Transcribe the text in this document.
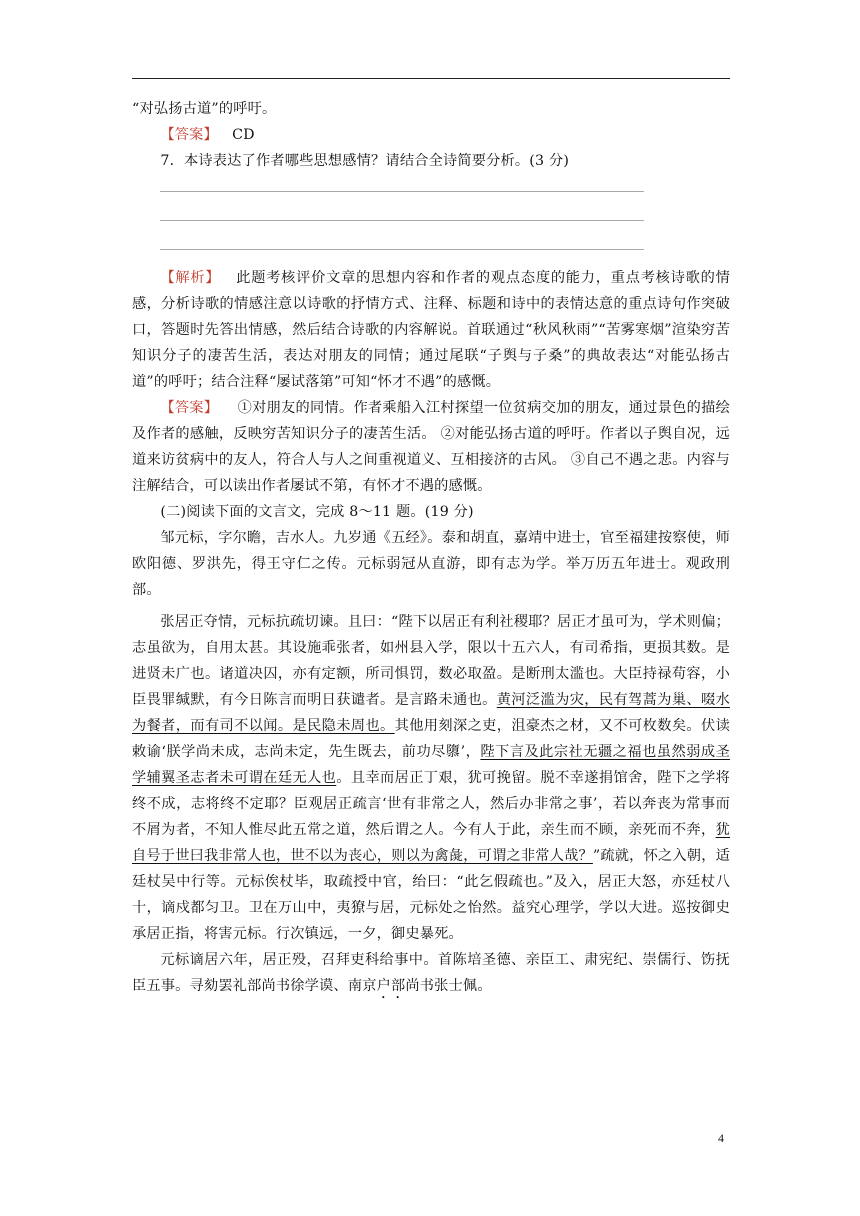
“对弘扬古道”的呼吁。

【答案】 CD

7．本诗表达了作者哪些思想感情？请结合全诗简要分析。(3 分)

【解析】 此题考核评价文章的思想内容和作者的观点态度的能力，重点考核诗歌的情感，分析诗歌的情感注意以诗歌的抒情方式、注释、标题和诗中的表情达意的重点诗句作突破口，答题时先答出情感，然后结合诗歌的内容解说。首联通过“秋风秋雨”“苦雾寒烟”渲染穷苦知识分子的凄苦生活，表达对朋友的同情；通过尾联“子舆与子桑”的典故表达“对能弘扬古道”的呼吁；结合注释“屡试落第”可知“怀才不遇”的感慨。

【答案】 ①对朋友的同情。作者乘船入江村探望一位贫病交加的朋友，通过景色的描绘及作者的感触，反映穷苦知识分子的凄苦生活。 ②对能弘扬古道的呼吁。作者以子舆自况，远道来访贫病中的友人，符合人与人之间重视道义、互相接济的古风。 ③自己不遇之悲。内容与注解结合，可以读出作者屡试不第，有怀才不遇的感慨。

(二)阅读下面的文言文，完成 8～11 题。(19 分)

邹元标，字尔瞻，吉水人。九岁通《五经》。泰和胡直，嘉靖中进士，官至福建按察使，师欧阳德、罗洪先，得王守仁之传。元标弱冠从直游，即有志为学。举万历五年进士。观政刑部。

张居正夺情，元标抗疏切谏。且曰：“陛下以居正有利社稷耶？居正才虽可为，学术则偏；志虽欲为，自用太甚。其设施乖张者，如州县入学，限以十五六人，有司希指，更损其数。是进贤未广也。诸道决囚，亦有定额，所司惧罚，数必取盈。是断刑太滥也。大臣持禄苟容，小臣畏罪缄默，有今日陈言而明日获谴者。是言路未通也。黄河泛滥为灾，民有驾蒿为巢、啜水为餐者，而有司不以闻。是民隐未周也。其他用刻深之吏，沮豪杰之材，又不可枚数矣。伏读敕谕‘朕学尚未成，志尚未定，先生既去，前功尽隳’，陛下言及此宗社无疆之福也虽然弱成圣学辅翼圣志者未可谓在廷无人也。且幸而居正丁艰，犹可挽留。脱不幸遂捐馆舍，陛下之学将终不成，志将终不定耶？臣观居正疏言‘世有非常之人，然后办非常之事’，若以奔丧为常事而不屑为者，不知人惟尽此五常之道，然后谓之人。今有人于此，亲生而不顾，亲死而不奔，犹自号于世曰我非常人也，世不以为丧心，则以为禽彘，可谓之非常人哉？”疏就，怀之入朝，适廷杖吴中行等。元标俟杖毕，取疏授中官，绐曰：“此乞假疏也。”及入，居正大怒，亦廷杖八十，谪戍都匀卫。卫在万山中，夷獠与居，元标处之怡然。益究心理学，学以大进。巡按御史承居正指，将害元标。行次镇远，一夕，御史暴死。

元标谪居六年，居正殁，召拜吏科给事中。首陈培圣德、亲臣工、肃宪纪、崇儒行、饬抚臣五事。寻劾罢礼部尚书徐学谟、南京户部尚书张士佩。

4
